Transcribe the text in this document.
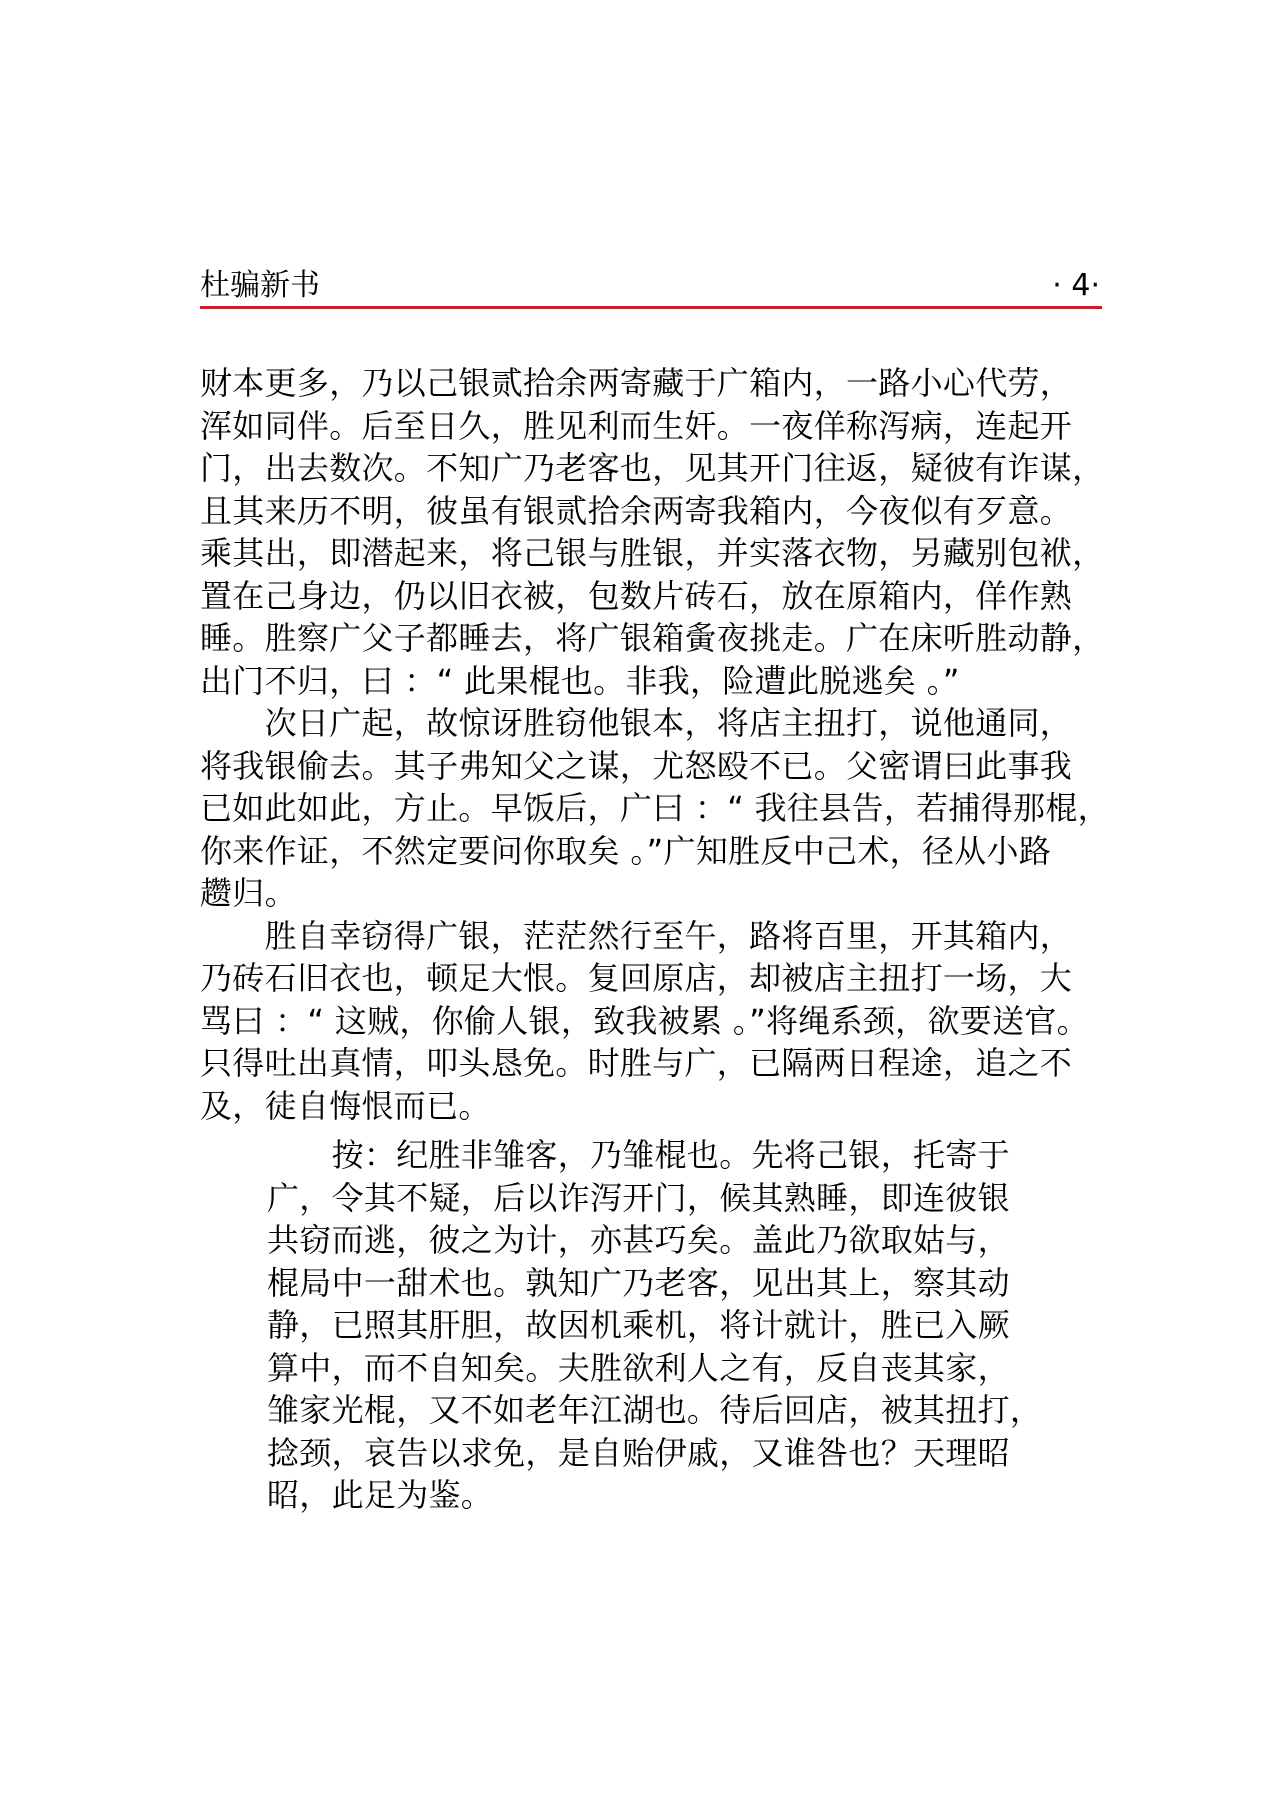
杜骗新书	· 4·
财本更多，乃以己银贰拾余两寄藏于广箱内，一路小心代劳，
浑如同伴。后至日久，胜见利而生奸。一夜佯称泻病，连起开
门，出去数次。不知广乃老客也，见其开门往返，疑彼有诈谋，
且其来历不明，彼虽有银贰拾余两寄我箱内，今夜似有歹意。
乘其出，即潜起来，将己银与胜银，并实落衣物，另藏别包袱，
置在己身边，仍以旧衣被，包数片砖石，放在原箱内，佯作熟
睡。胜察广父子都睡去，将广银箱夤夜挑走。广在床听胜动静，
出门不归，曰 ：“ 此果棍也。非我，险遭此脱逃矣 。”
　　次日广起，故惊讶胜窃他银本，将店主扭打，说他通同，
将我银偷去。其子弗知父之谋，尤怒殴不已。父密谓曰此事我
已如此如此，方止。早饭后，广曰 ：“ 我往县告，若捕得那棍，
你来作证，不然定要问你取矣 。”广知胜反中己术，径从小路
趱归。
　　胜自幸窃得广银，茫茫然行至午，路将百里，开其箱内，
乃砖石旧衣也，顿足大恨。复回原店，却被店主扭打一场，大
骂曰 ：“ 这贼，你偷人银，致我被累 。”将绳系颈，欲要送官。
只得吐出真情，叩头恳免。时胜与广，已隔两日程途，追之不
及，徒自悔恨而已。
　　按：纪胜非雏客，乃雏棍也。先将己银，托寄于
广，令其不疑，后以诈泻开门，候其熟睡，即连彼银
共窃而逃，彼之为计，亦甚巧矣。盖此乃欲取姑与，
棍局中一甜术也。孰知广乃老客，见出其上，察其动
静，已照其肝胆，故因机乘机，将计就计，胜已入厥
算中，而不自知矣。夫胜欲利人之有，反自丧其家，
雏家光棍，又不如老年江湖也。待后回店，被其扭打，
捻颈，哀告以求免，是自贻伊戚，又谁咎也？天理昭
昭，此足为鉴。
